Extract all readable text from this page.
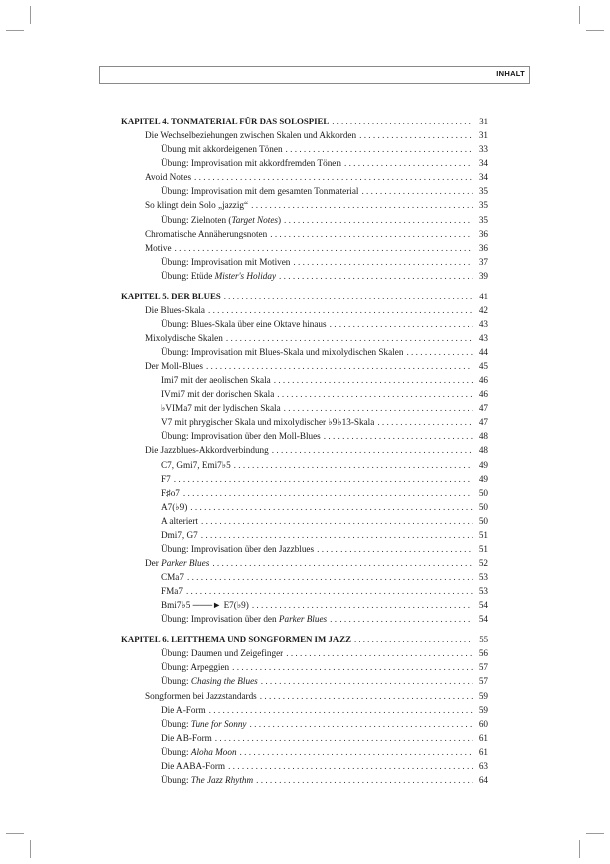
INHALT
KAPITEL 4. TONMATERIAL FÜR DAS SOLOSPIEL . . .	31
Die Wechselbeziehungen zwischen Skalen und Akkorden . . .	31
Übung mit akkordeigenen Tönen . . .	33
Übung: Improvisation mit akkordfremden Tönen . . .	34
Avoid Notes . . .	34
Übung: Improvisation mit dem gesamten Tonmaterial . . .	35
So klingt dein Solo „jazzig“ . . .	35
Übung: Zielnoten (Target Notes) . . .	35
Chromatische Annäherungsnoten . . .	36
Motive . . .	36
Übung: Improvisation mit Motiven . . .	37
Übung: Etüde Mister's Holiday . . .	39
KAPITEL 5. DER BLUES . . .	41
Die Blues-Skala . . .	42
Übung: Blues-Skala über eine Oktave hinaus . . .	43
Mixolydische Skalen . . .	43
Übung: Improvisation mit Blues-Skala und mixolydischen Skalen . . .	44
Der Moll-Blues . . .	45
Imi7 mit der aeolischen Skala . . .	46
IVmi7 mit der dorischen Skala . . .	46
♭VIMa7 mit der lydischen Skala . . .	47
V7 mit phrygischer Skala und mixolydischer ♭9♭13-Skala . . .	47
Übung: Improvisation über den Moll-Blues . . .	48
Die Jazzblues-Akkordverbindung . . .	48
C7, Gmi7, Emi7♭5 . . .	49
F7 . . .	49
F♯o7 . . .	50
A7(♭9) . . .	50
A alteriert . . .	50
Dmi7, G7 . . .	51
Übung: Improvisation über den Jazzblues . . .	51
Der Parker Blues . . .	52
CMa7 . . .	53
FMa7 . . .	53
Bmi7♭5 ───► E7(♭9) . . .	54
Übung: Improvisation über den Parker Blues . . .	54
KAPITEL 6. LEITTHEMA UND SONGFORMEN IM JAZZ . . .	55
Übung: Daumen und Zeigefinger . . .	56
Übung: Arpeggien . . .	57
Übung: Chasing the Blues . . .	57
Songformen bei Jazzstandards . . .	59
Die A-Form . . .	59
Übung: Tune for Sonny . . .	60
Die AB-Form . . .	61
Übung: Aloha Moon . . .	61
Die AABA-Form . . .	63
Übung: The Jazz Rhythm . . .	64
